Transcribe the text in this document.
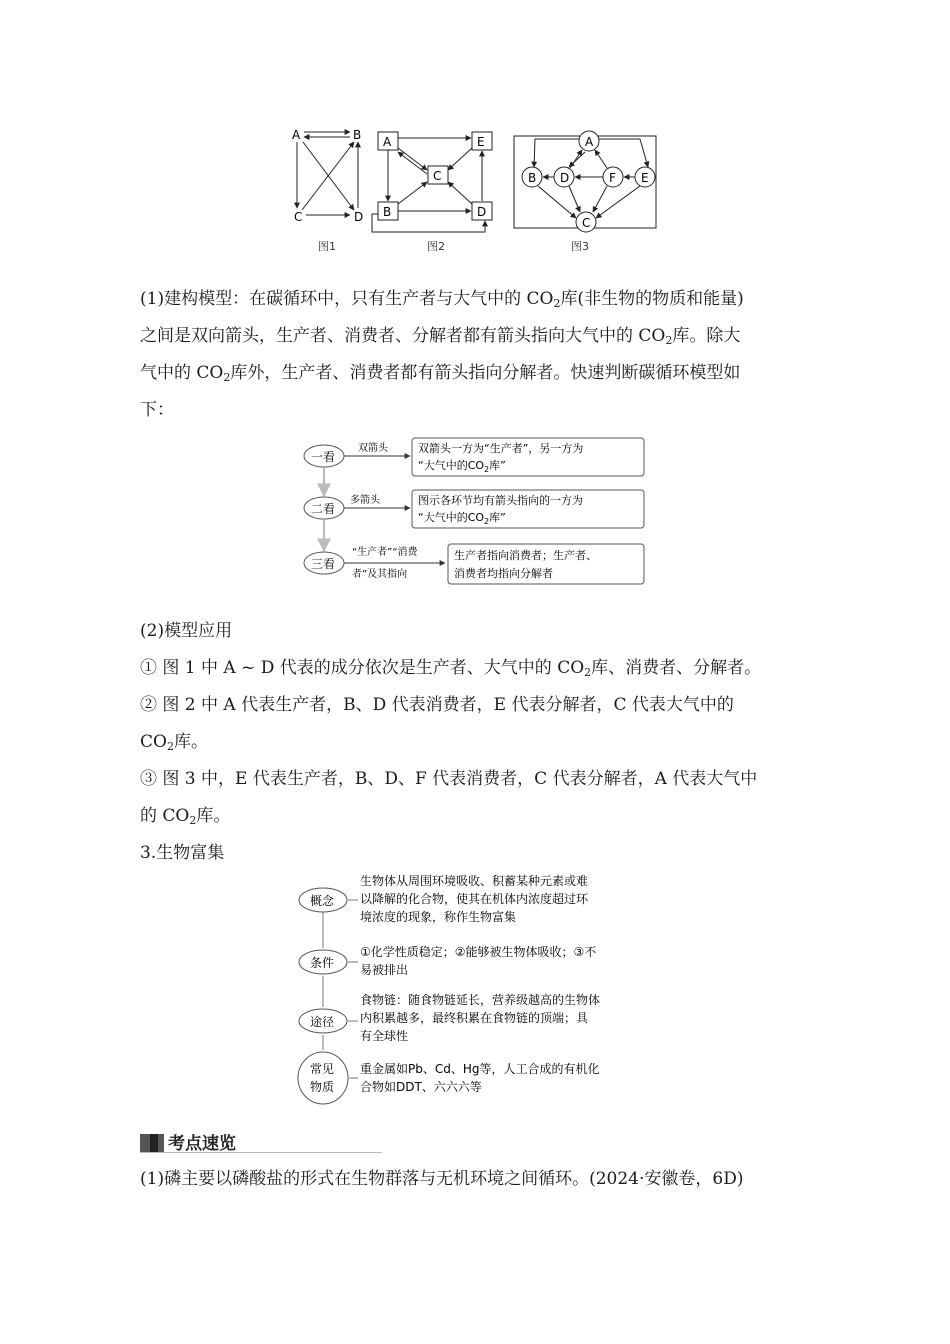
A	B
C	D
图1
A	E
C
B	D
图2
A
B D	F E
C
图3
(1)建构模型：在碳循环中，只有生产者与大气中的 $CO_2$库(非生物的物质和能量)
之间是双向箭头，生产者、消费者、分解者都有箭头指向大气中的 $CO_2$库。除大
气中的 $CO_2$库外，生产者、消费者都有箭头指向分解者。快速判断碳循环模型如
下：
一看
双箭头	双箭头一方为“生产者”，另一方为
“大气中的$CO_2$库”
二看
多箭头	图示各环节均有箭头指向的一方为
“大气中的$CO_2$库”
三看
“生产者”“消费
者”及其指向
生产者指向消费者；生产者、
消费者均指向分解者
(2)模型应用
① 图 1 中 A ~ D 代表的成分依次是生产者、大气中的 $CO_2$库、消费者、分解者。
② 图 2 中 A 代表生产者，B、D 代表消费者，E 代表分解者，C 代表大气中的
$CO_2$库。
③ 图 3 中，E 代表生产者，B、D、F 代表消费者，C 代表分解者，A 代表大气中
的 $CO_2$库。
3.生物富集
概念
生物体从周围环境吸收、积蓄某种元素或难
以降解的化合物，使其在机体内浓度超过环
境浓度的现象，称作生物富集
条件
①化学性质稳定；②能够被生物体吸收；③不
易被排出
途径
食物链：随食物链延长，营养级越高的生物体
内积累越多，最终积累在食物链的顶端；具
有全球性
常见
物质
重金属如Pb、Cd、Hg等，人工合成的有机化
合物如DDT、六六六等
考点速览
(1)磷主要以磷酸盐的形式在生物群落与无机环境之间循环。(2024·安徽卷，6D)
